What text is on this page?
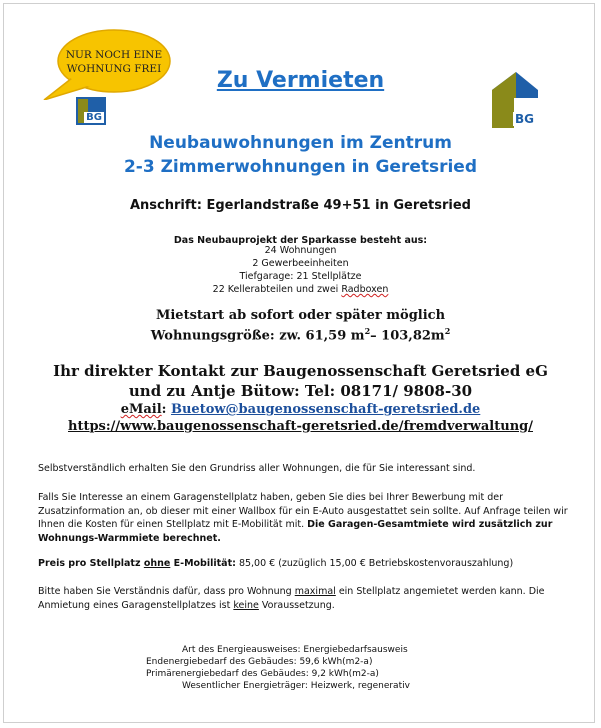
NUR NOCH EINE
WOHNUNG FREI
BG	BG
Zu Vermieten
Neubauwohnungen im Zentrum
2-3 Zimmerwohnungen in Geretsried
Anschrift: Egerlandstraße 49+51 in Geretsried
Das Neubauprojekt der Sparkasse besteht aus:
24 Wohnungen
2 Gewerbeeinheiten
Tiefgarage: 21 Stellplätze
22 Kellerabteilen und zwei Radboxen
Mietstart ab sofort oder später möglich
Wohnungsgröße: zw. 61,59 $m^2-$ $103,82m^2$
Ihr direkter Kontakt zur Baugenossenschaft Geretsried eG
und zu Antje Bütow: Tel: 08171/ 9808-30
eMail: Buetow@baugenossenschaft-geretsried.de
https://www.baugenossenschaft-geretsried.de/fremdverwaltung/
Selbstverständlich erhalten Sie den Grundriss aller Wohnungen, die für Sie interessant sind.
Falls Sie Interesse an einem Garagenstellplatz haben, geben Sie dies bei Ihrer Bewerbung mit der Zusatzinformation an, ob dieser mit einer Wallbox für ein E-Auto ausgestattet sein sollte. Auf Anfrage teilen wir Ihnen die Kosten für einen Stellplatz mit E-Mobilität mit. Die Garagen-Gesamtmiete wird zusätzlich zur Wohnungs-Warmmiete berechnet.
Preis pro Stellplatz ohne E-Mobilität: 85,00 € (zuzüglich 15,00 € Betriebskostenvorauszahlung)
Bitte haben Sie Verständnis dafür, dass pro Wohnung maximal ein Stellplatz angemietet werden kann. Die Anmietung eines Garagenstellplatzes ist keine Voraussetzung.
Art des Energieausweises: Energiebedarfsausweis
Endenergiebedarf des Gebäudes: 59,6 kWh(m2-a)
Primärenergiebedarf des Gebäudes: 9,2 kWh(m2-a)
Wesentlicher Energieträger: Heizwerk, regenerativ
